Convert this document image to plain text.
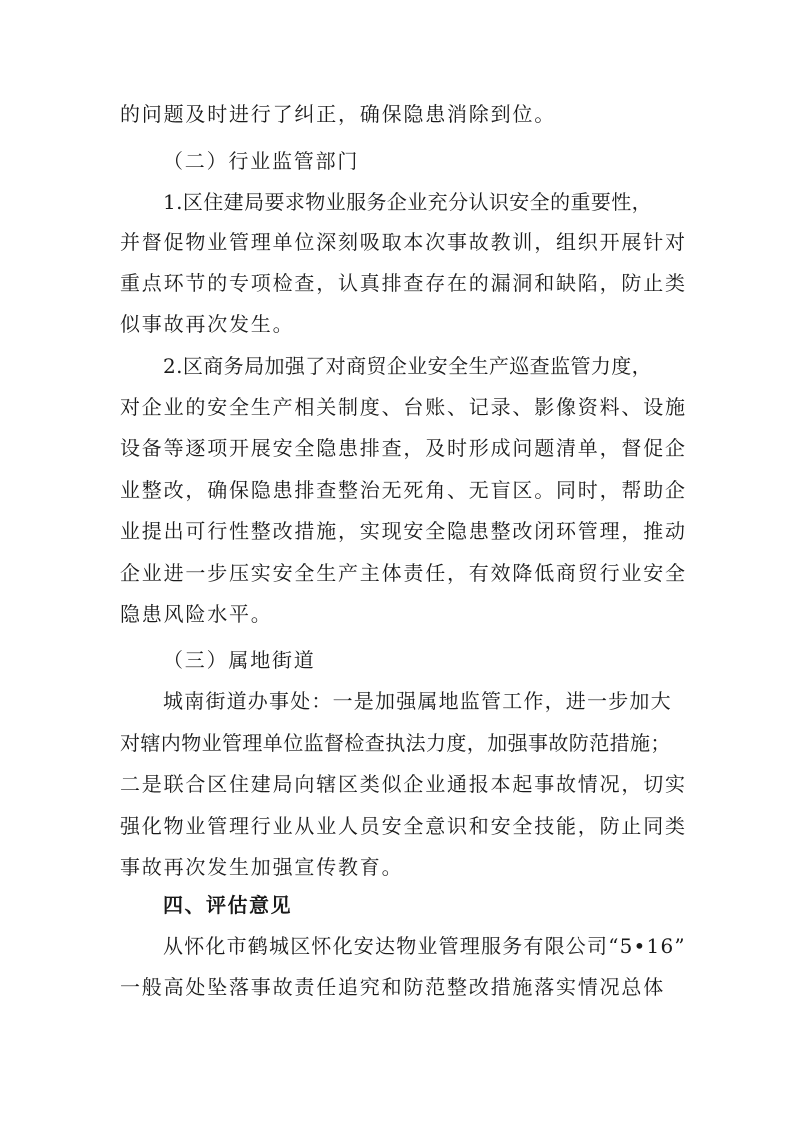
的问题及时进行了纠正，确保隐患消除到位。
（二）行业监管部门
1.区住建局要求物业服务企业充分认识安全的重要性，
并督促物业管理单位深刻吸取本次事故教训，组织开展针对
重点环节的专项检查，认真排查存在的漏洞和缺陷，防止类
似事故再次发生。
2.区商务局加强了对商贸企业安全生产巡查监管力度，
对企业的安全生产相关制度、台账、记录、影像资料、设施
设备等逐项开展安全隐患排查，及时形成问题清单，督促企
业整改，确保隐患排查整治无死角、无盲区。同时，帮助企
业提出可行性整改措施，实现安全隐患整改闭环管理，推动
企业进一步压实安全生产主体责任，有效降低商贸行业安全
隐患风险水平。
（三）属地街道
城南街道办事处：一是加强属地监管工作，进一步加大
对辖内物业管理单位监督检查执法力度，加强事故防范措施；
二是联合区住建局向辖区类似企业通报本起事故情况，切实
强化物业管理行业从业人员安全意识和安全技能，防止同类
事故再次发生加强宣传教育。
四、评估意见
从怀化市鹤城区怀化安达物业管理服务有限公司“5•16”
一般高处坠落事故责任追究和防范整改措施落实情况总体
